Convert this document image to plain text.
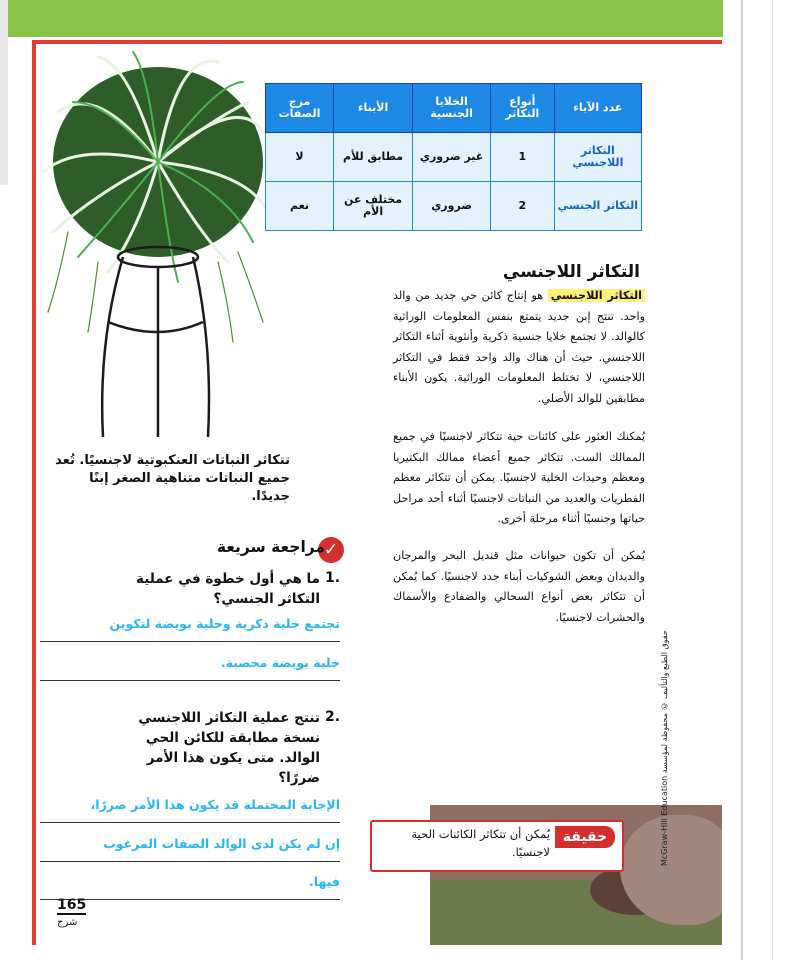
عدد الآباء	أنواع التكاثر	الخلايا الجنسية	الأبناء	مزج الصفات
التكاثر اللاجنسي	1	غير ضروري	مطابق للأم	لا
التكاثر الجنسي	2	ضروري	مختلف عن الأم	نعم
التكاثر اللاجنسي
التكاثر اللاجنسي هو إنتاج كائن حي جديد من والد واحد. تنتج إبن جديد يتمتع بنفس المعلومات الوراثية كالوالد. لا تجتمع خلايا جنسية ذكرية وأنثوية أثناء التكاثر اللاجنسي. حيث أن هناك والد واحد فقط في التكاثر اللاجنسي، لا تختلط المعلومات الوراثية. يكون الأبناء مطابقين للوالد الأصلي.
يُمكنك العثور على كائنات حية تتكاثر لاجنسيًا في جميع الممالك الست. تتكاثر جميع أعضاء ممالك البكتيريا ومعظم وحيدات الخلية لاجنسيًا. يمكن أن تتكاثر معظم الفطريات والعديد من النباتات لاجنسيًا أثناء أحد مراحل حياتها وجنسيًا أثناء مرحلة أخرى.
يُمكن أن تكون حيوانات مثل قنديل البحر والمرجان والديدان وبعض الشوكيات أبناء جدد لاجنسيًا. كما يُمكن أن تتكاثر بعض أنواع السحالي والضفادع والأسماك والحشرات لاجنسيًا.
تتكاثر النباتات العنكبوتية لاجنسيًا. تُعد جميع النباتات متناهية الصغر إبنًا جديدًا.
✓
مراجعة سريعة
1.
ما هي أول خطوة في عملية التكاثر الجنسي؟
تجتمع خلية ذكرية وخلية بويضة لتكوين
خلية بويضة مخصبة.
2.
تنتج عملية التكاثر اللاجنسي نسخة مطابقة للكائن الحي الوالد. متى يكون هذا الأمر ضررًا؟
الإجابة المحتملة قد يكون هذا الأمر ضررًا،
إن لم يكن لدى الوالد الصفات المرغوب
فيها.
حقيقة
يُمكن أن تتكاثر الكائنات الحية لاجنسيًا.	حقوق الطبع والتأليف © محفوظة لمؤسسة McGraw-Hill Education
165
شرح
